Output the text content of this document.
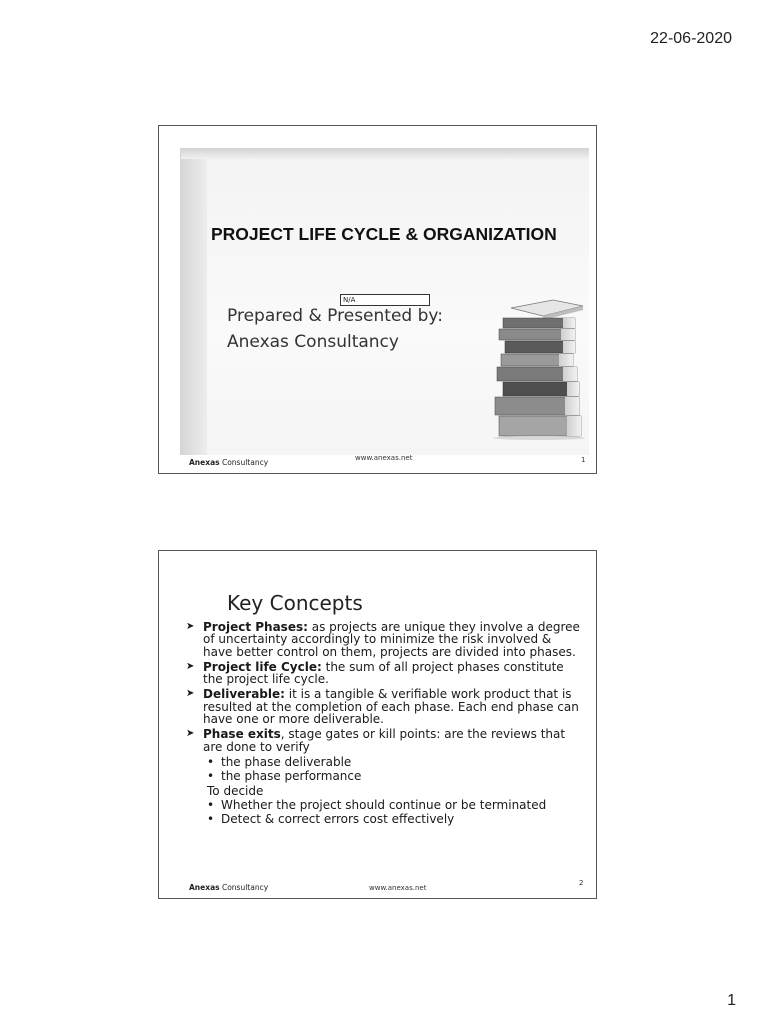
22-06-2020
PROJECT LIFE CYCLE & ORGANIZATION
N/A
Prepared & Presented by:
Anexas Consultancy
Anexas Consultancy	www.anexas.net	1
Key Concepts
➤ Project Phases: as projects are unique they involve a degree of uncertainty accordingly to minimize the risk involved & have better control on them, projects are divided into phases.
➤ Project life Cycle: the sum of all project phases constitute the project life cycle.
➤ Deliverable: it is a tangible & verifiable work product that is resulted at the completion of each phase. Each end phase can have one or more deliverable.
➤ Phase exits, stage gates or kill points: are the reviews that are done to verify
• the phase deliverable
• the phase performance
To decide
• Whether the project should continue or be terminated
• Detect & correct errors cost effectively
Anexas Consultancy	www.anexas.net
2
1
